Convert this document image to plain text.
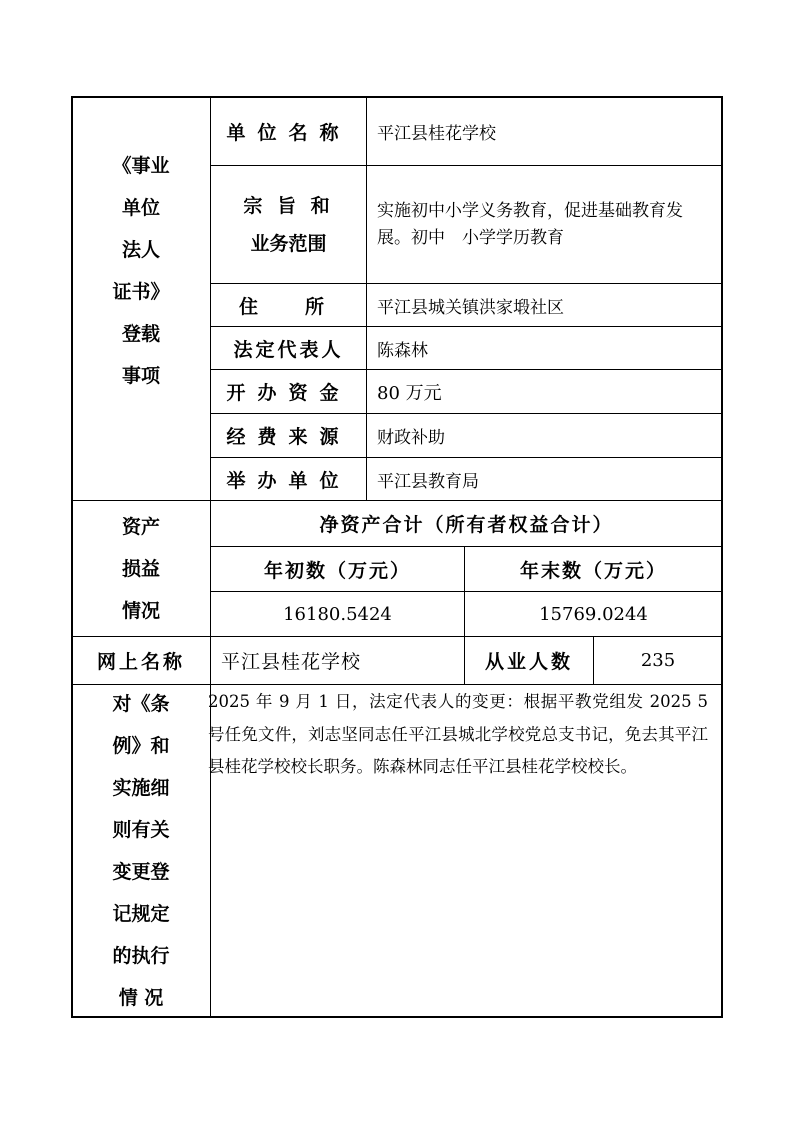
《事业
单位
法人
证书》
登载
事项
单位名称	平江县桂花学校
宗 旨 和
业务范围
实施初中小学义务教育，促进基础教育发展。初中　小学学历教育
住　所	平江县城关镇洪家塅社区
法定代表人	陈森林
开办资金	80 万元
经费来源	财政补助
举办单位	平江县教育局
资产
损益
情况
净资产合计（所有者权益合计）
年初数（万元）	年末数（万元）
16180.5424	15769.0244
网上名称	平江县桂花学校	从业人数	235
对《条
例》和
实施细
则有关
变更登
记规定
的执行
情 况
2025 年 9 月 1 日，法定代表人的变更：根据平教党组发 2025 5 号任免文件，刘志坚同志任平江县城北学校党总支书记，免去其平江县桂花学校校长职务。陈森林同志任平江县桂花学校校长。
